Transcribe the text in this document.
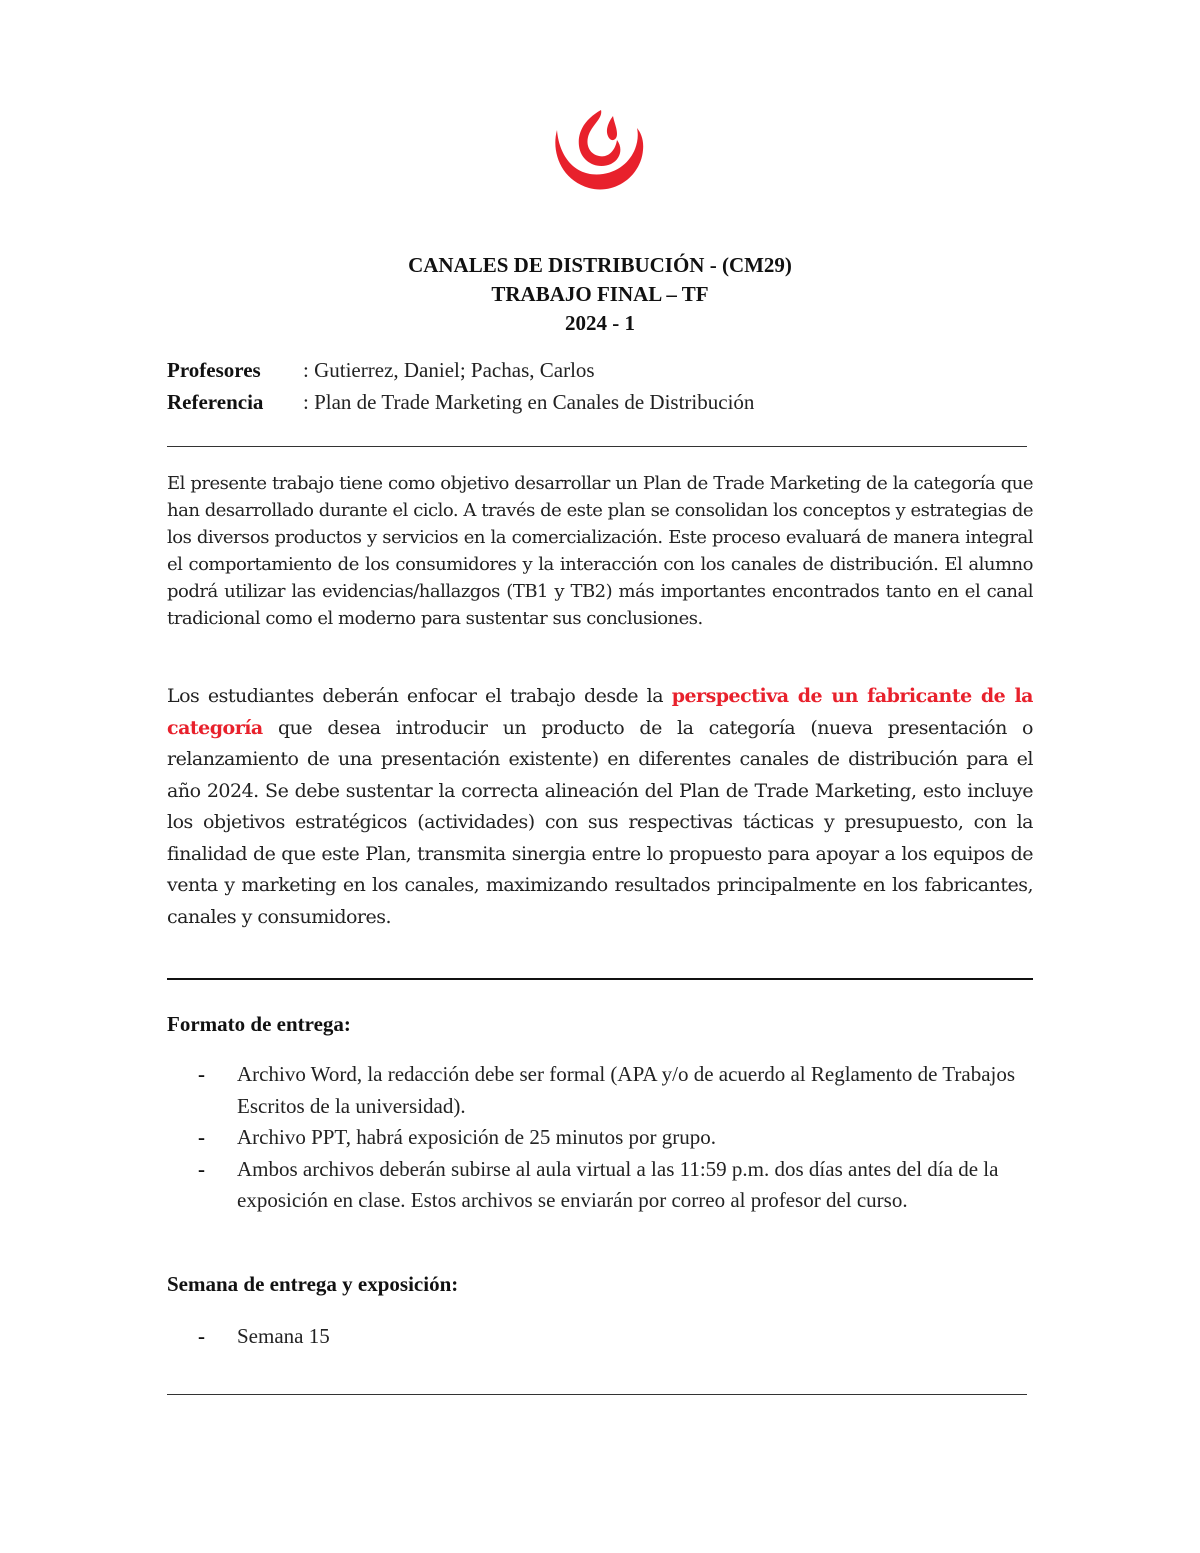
CANALES DE DISTRIBUCIÓN - (CM29)
TRABAJO FINAL – TF
2024 - 1
Profesores : Gutierrez, Daniel; Pachas, Carlos
Referencia : Plan de Trade Marketing en Canales de Distribución

El presente trabajo tiene como objetivo desarrollar un Plan de Trade Marketing de la categoría que han desarrollado durante el ciclo. A través de este plan se consolidan los conceptos y estrategias de los diversos productos y servicios en la comercialización. Este proceso evaluará de manera integral el comportamiento de los consumidores y la interacción con los canales de distribución. El alumno podrá utilizar las evidencias/hallazgos (TB1 y TB2) más importantes encontrados tanto en el canal tradicional como el moderno para sustentar sus conclusiones.

Los estudiantes deberán enfocar el trabajo desde la perspectiva de un fabricante de la categoría que desea introducir un producto de la categoría (nueva presentación o relanzamiento de una presentación existente) en diferentes canales de distribución para el año 2024. Se debe sustentar la correcta alineación del Plan de Trade Marketing, esto incluye los objetivos estratégicos (actividades) con sus respectivas tácticas y presupuesto, con la finalidad de que este Plan, transmita sinergia entre lo propuesto para apoyar a los equipos de venta y marketing en los canales, maximizando resultados principalmente en los fabricantes, canales y consumidores.

Formato de entrega:
- Archivo Word, la redacción debe ser formal (APA y/o de acuerdo al Reglamento de Trabajos Escritos de la universidad).
- Archivo PPT, habrá exposición de 25 minutos por grupo.
- Ambos archivos deberán subirse al aula virtual a las 11:59 p.m. dos días antes del día de la exposición en clase. Estos archivos se enviarán por correo al profesor del curso.
Semana de entrega y exposición:
- Semana 15
